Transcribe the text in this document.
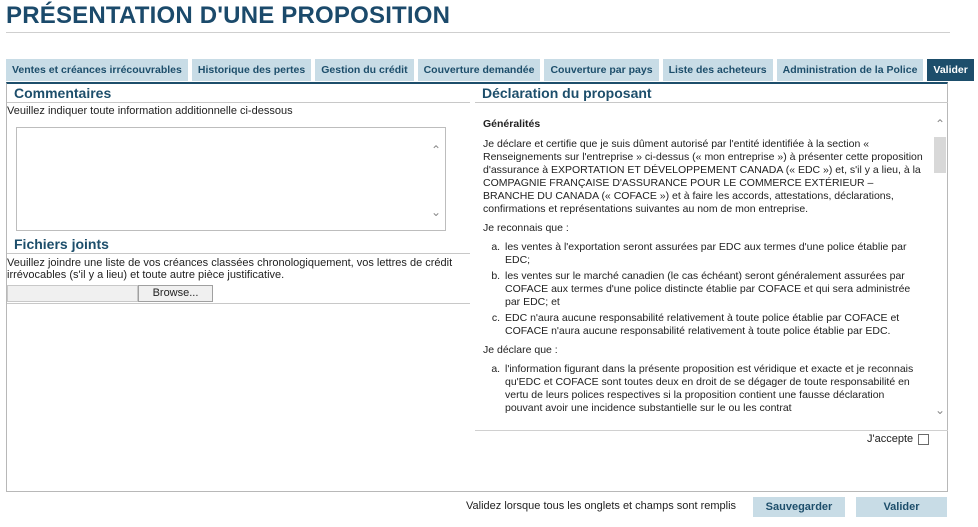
PRÉSENTATION D'UNE PROPOSITION
Ventes et créances irrécouvrables	Historique des pertes	Gestion du crédit	Couverture demandée	Couverture par pays	Liste des acheteurs	Administration de la Police	Valider
Commentaires
Veuillez indiquer toute information additionnelle ci-dessous
⌃
⌄
Fichiers joints
Veuillez joindre une liste de vos créances classées chronologiquement, vos lettres de crédit
irrévocables (s'il y a lieu) et toute autre pièce justificative.
Browse...
Déclaration du proposant

Généralités

Je déclare et certifie que je suis dûment autorisé par l'entité identifiée à la section « Renseignements sur l'entreprise » ci-dessus (« mon entreprise ») à présenter cette proposition d'assurance à EXPORTATION ET DÉVELOPPEMENT CANADA (« EDC ») et, s'il y a lieu, à la COMPAGNIE FRANÇAISE D'ASSURANCE POUR LE COMMERCE EXTÉRIEUR – BRANCHE DU CANADA (« COFACE ») et à faire les accords, attestations, déclarations, confirmations et représentations suivantes au nom de mon entreprise.

Je reconnais que :

a. les ventes à l'exportation seront assurées par EDC aux termes d'une police établie par EDC;
b. les ventes sur le marché canadien (le cas échéant) seront généralement assurées par COFACE aux termes d'une police distincte établie par COFACE et qui sera administrée par EDC; et
c. EDC n'aura aucune responsabilité relativement à toute police établie par COFACE et COFACE n'aura aucune responsabilité relativement à toute police établie par EDC.

Je déclare que :

a. l'information figurant dans la présente proposition est véridique et exacte et je reconnais qu'EDC et COFACE sont toutes deux en droit de se dégager de toute responsabilité en vertu de leurs polices respectives si la proposition contient une fausse déclaration pouvant avoir une incidence substantielle sur le ou les contrat
⌃
⌄
J'accepte
Validez lorsque tous les onglets et champs sont remplis	Sauvegarder	Valider
